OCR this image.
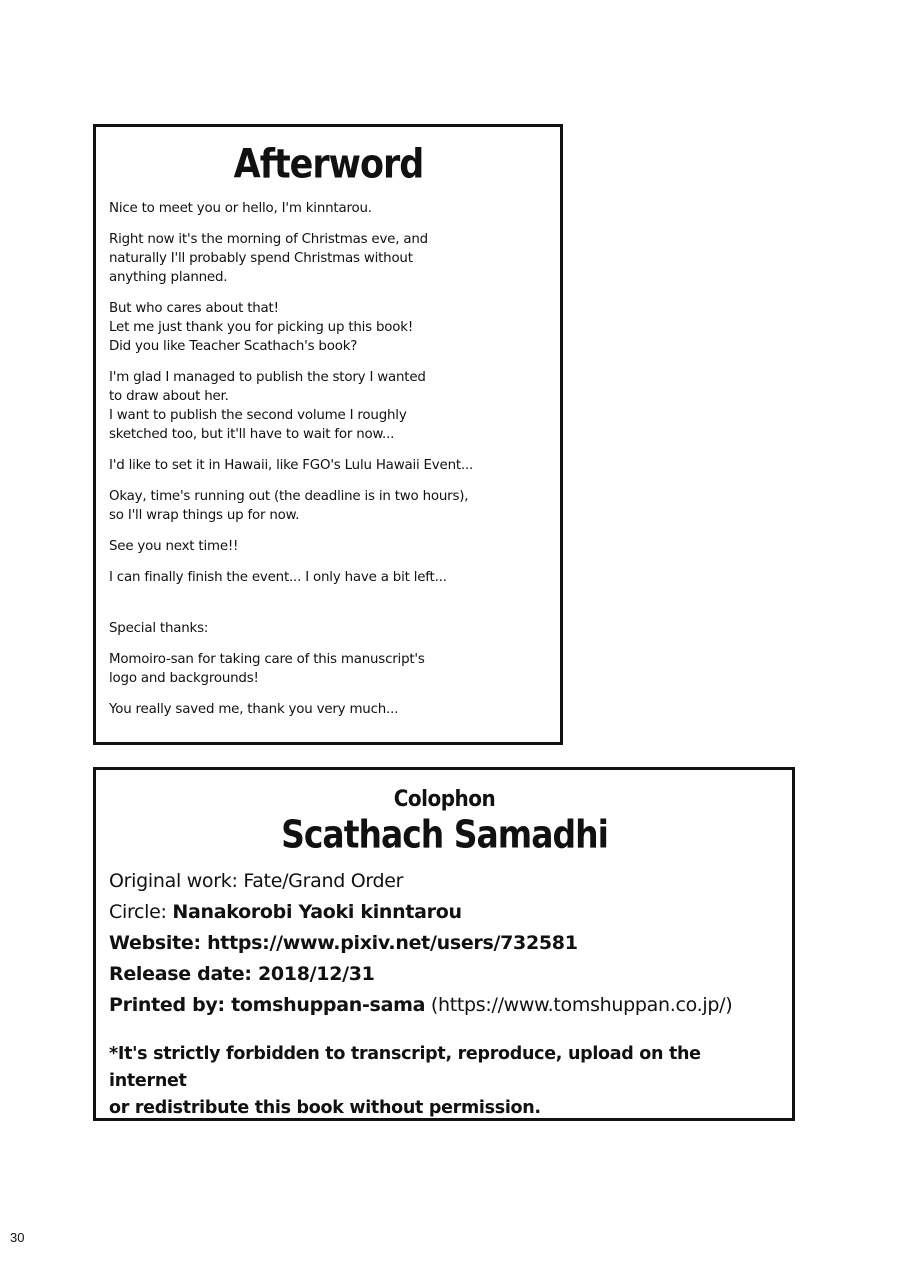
Afterword
Nice to meet you or hello, I'm kinntarou.
Right now it's the morning of Christmas eve, and
naturally I'll probably spend Christmas without
anything planned.
But who cares about that!
Let me just thank you for picking up this book!
Did you like Teacher Scathach's book?
I'm glad I managed to publish the story I wanted
to draw about her.
I want to publish the second volume I roughly
sketched too, but it'll have to wait for now...
I'd like to set it in Hawaii, like FGO's Lulu Hawaii Event...
Okay, time's running out (the deadline is in two hours),
so I'll wrap things up for now.
See you next time!!
I can finally finish the event... I only have a bit left...
Special thanks:
Momoiro-san for taking care of this manuscript's
logo and backgrounds!
You really saved me, thank you very much...
Colophon
Scathach Samadhi
Original work: Fate/Grand Order
Circle: Nanakorobi Yaoki kinntarou
Website: https://www.pixiv.net/users/732581
Release date: 2018/12/31
Printed by: tomshuppan-sama (https://www.tomshuppan.co.jp/)
*It's strictly forbidden to transcript, reproduce, upload on the internet
or redistribute this book without permission.
30
